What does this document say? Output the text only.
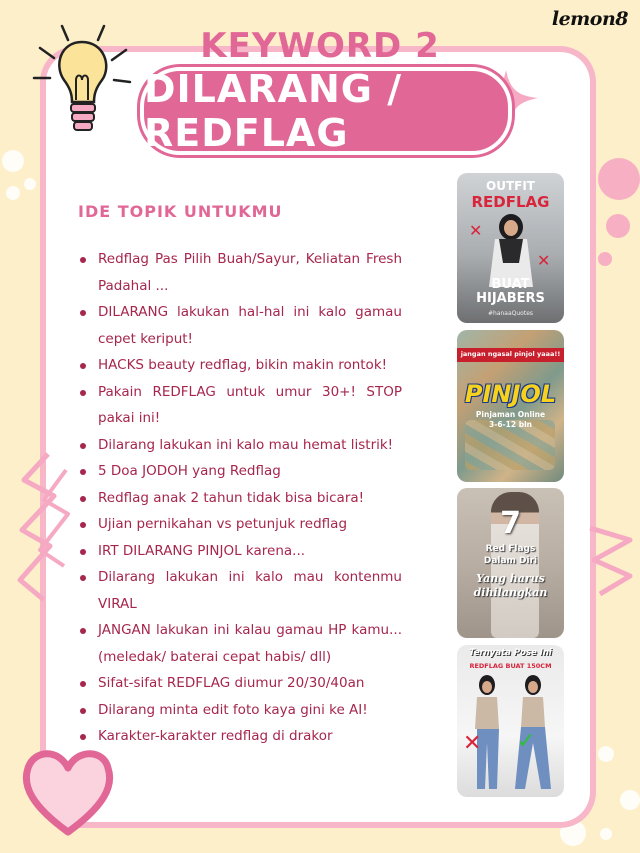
lemon8
KEYWORD 2
DILARANG / REDFLAG
IDE TOPIK UNTUKMU
Redflag Pas Pilih Buah/Sayur, Keliatan Fresh Padahal ...
DILARANG lakukan hal-hal ini kalo gamau cepet keriput!
HACKS beauty redflag, bikin makin rontok!
Pakain REDFLAG untuk umur 30+! STOP pakai ini!
Dilarang lakukan ini kalo mau hemat listrik!
5 Doa JODOH yang Redflag
Redflag anak 2 tahun tidak bisa bicara!
Ujian pernikahan vs petunjuk redflag
IRT DILARANG PINJOL karena...
Dilarang lakukan ini kalo mau kontenmu VIRAL
JANGAN lakukan ini kalau gamau HP kamu... (meledak/ baterai cepat habis/ dll)
Sifat-sifat REDFLAG diumur 20/30/40an
Dilarang minta edit foto kaya gini ke AI!
Karakter-karakter redflag di drakor
OUTFIT
REDFLAG
✕
✕
BUAT
HIJABERS
#hanaaQuotes
jangan ngasal pinjol yaaa!!
PINJOL
Pinjaman Online
3-6-12 bln
7
Red Flags
Dalam Diri
Yang harus
dihilangkan
Ternyata Pose Ini
REDFLAG BUAT 150CM
✕ ✓
